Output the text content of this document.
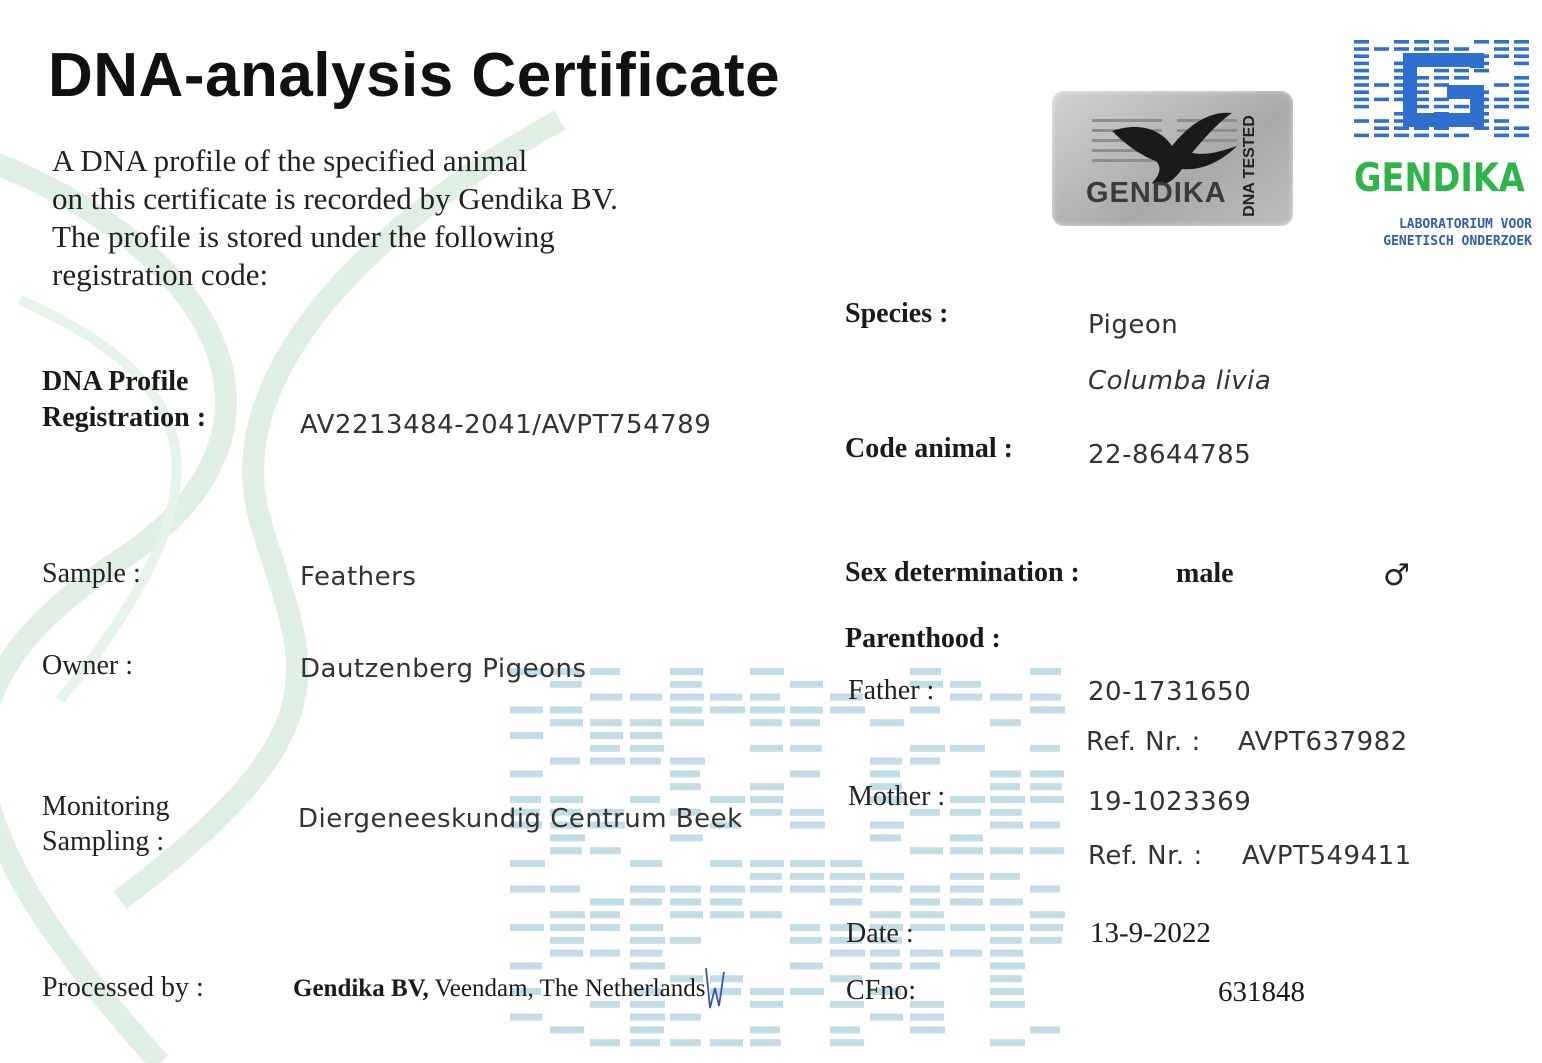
DNA-analysis Certificate
A DNA profile of the specified animal
on this certificate is recorded by Gendika BV.
The profile is stored under the following
registration code:
GENDIKA DNA TESTED GENDIKA
LABORATORIUM VOOR
GENETISCH ONDERZOEK
DNA Profile
Registration :	AV2213484-2041/AVPT754789
Sample :	Feathers
Owner :	Dautzenberg Pigeons
Monitoring
Sampling :
Diergeneeskundig Centrum Beek
Processed by :	Gendika BV, Veendam, The Netherlands
Species :	Pigeon
Columba livia
Code animal :	22-8644785
Sex determination :	male	♂
Parenthood :
Father :	20-1731650
Ref. Nr. : AVPT637982
Mother :	19-1023369
Ref. Nr. : AVPT549411
Date :	13-9-2022
CFno:	631848
